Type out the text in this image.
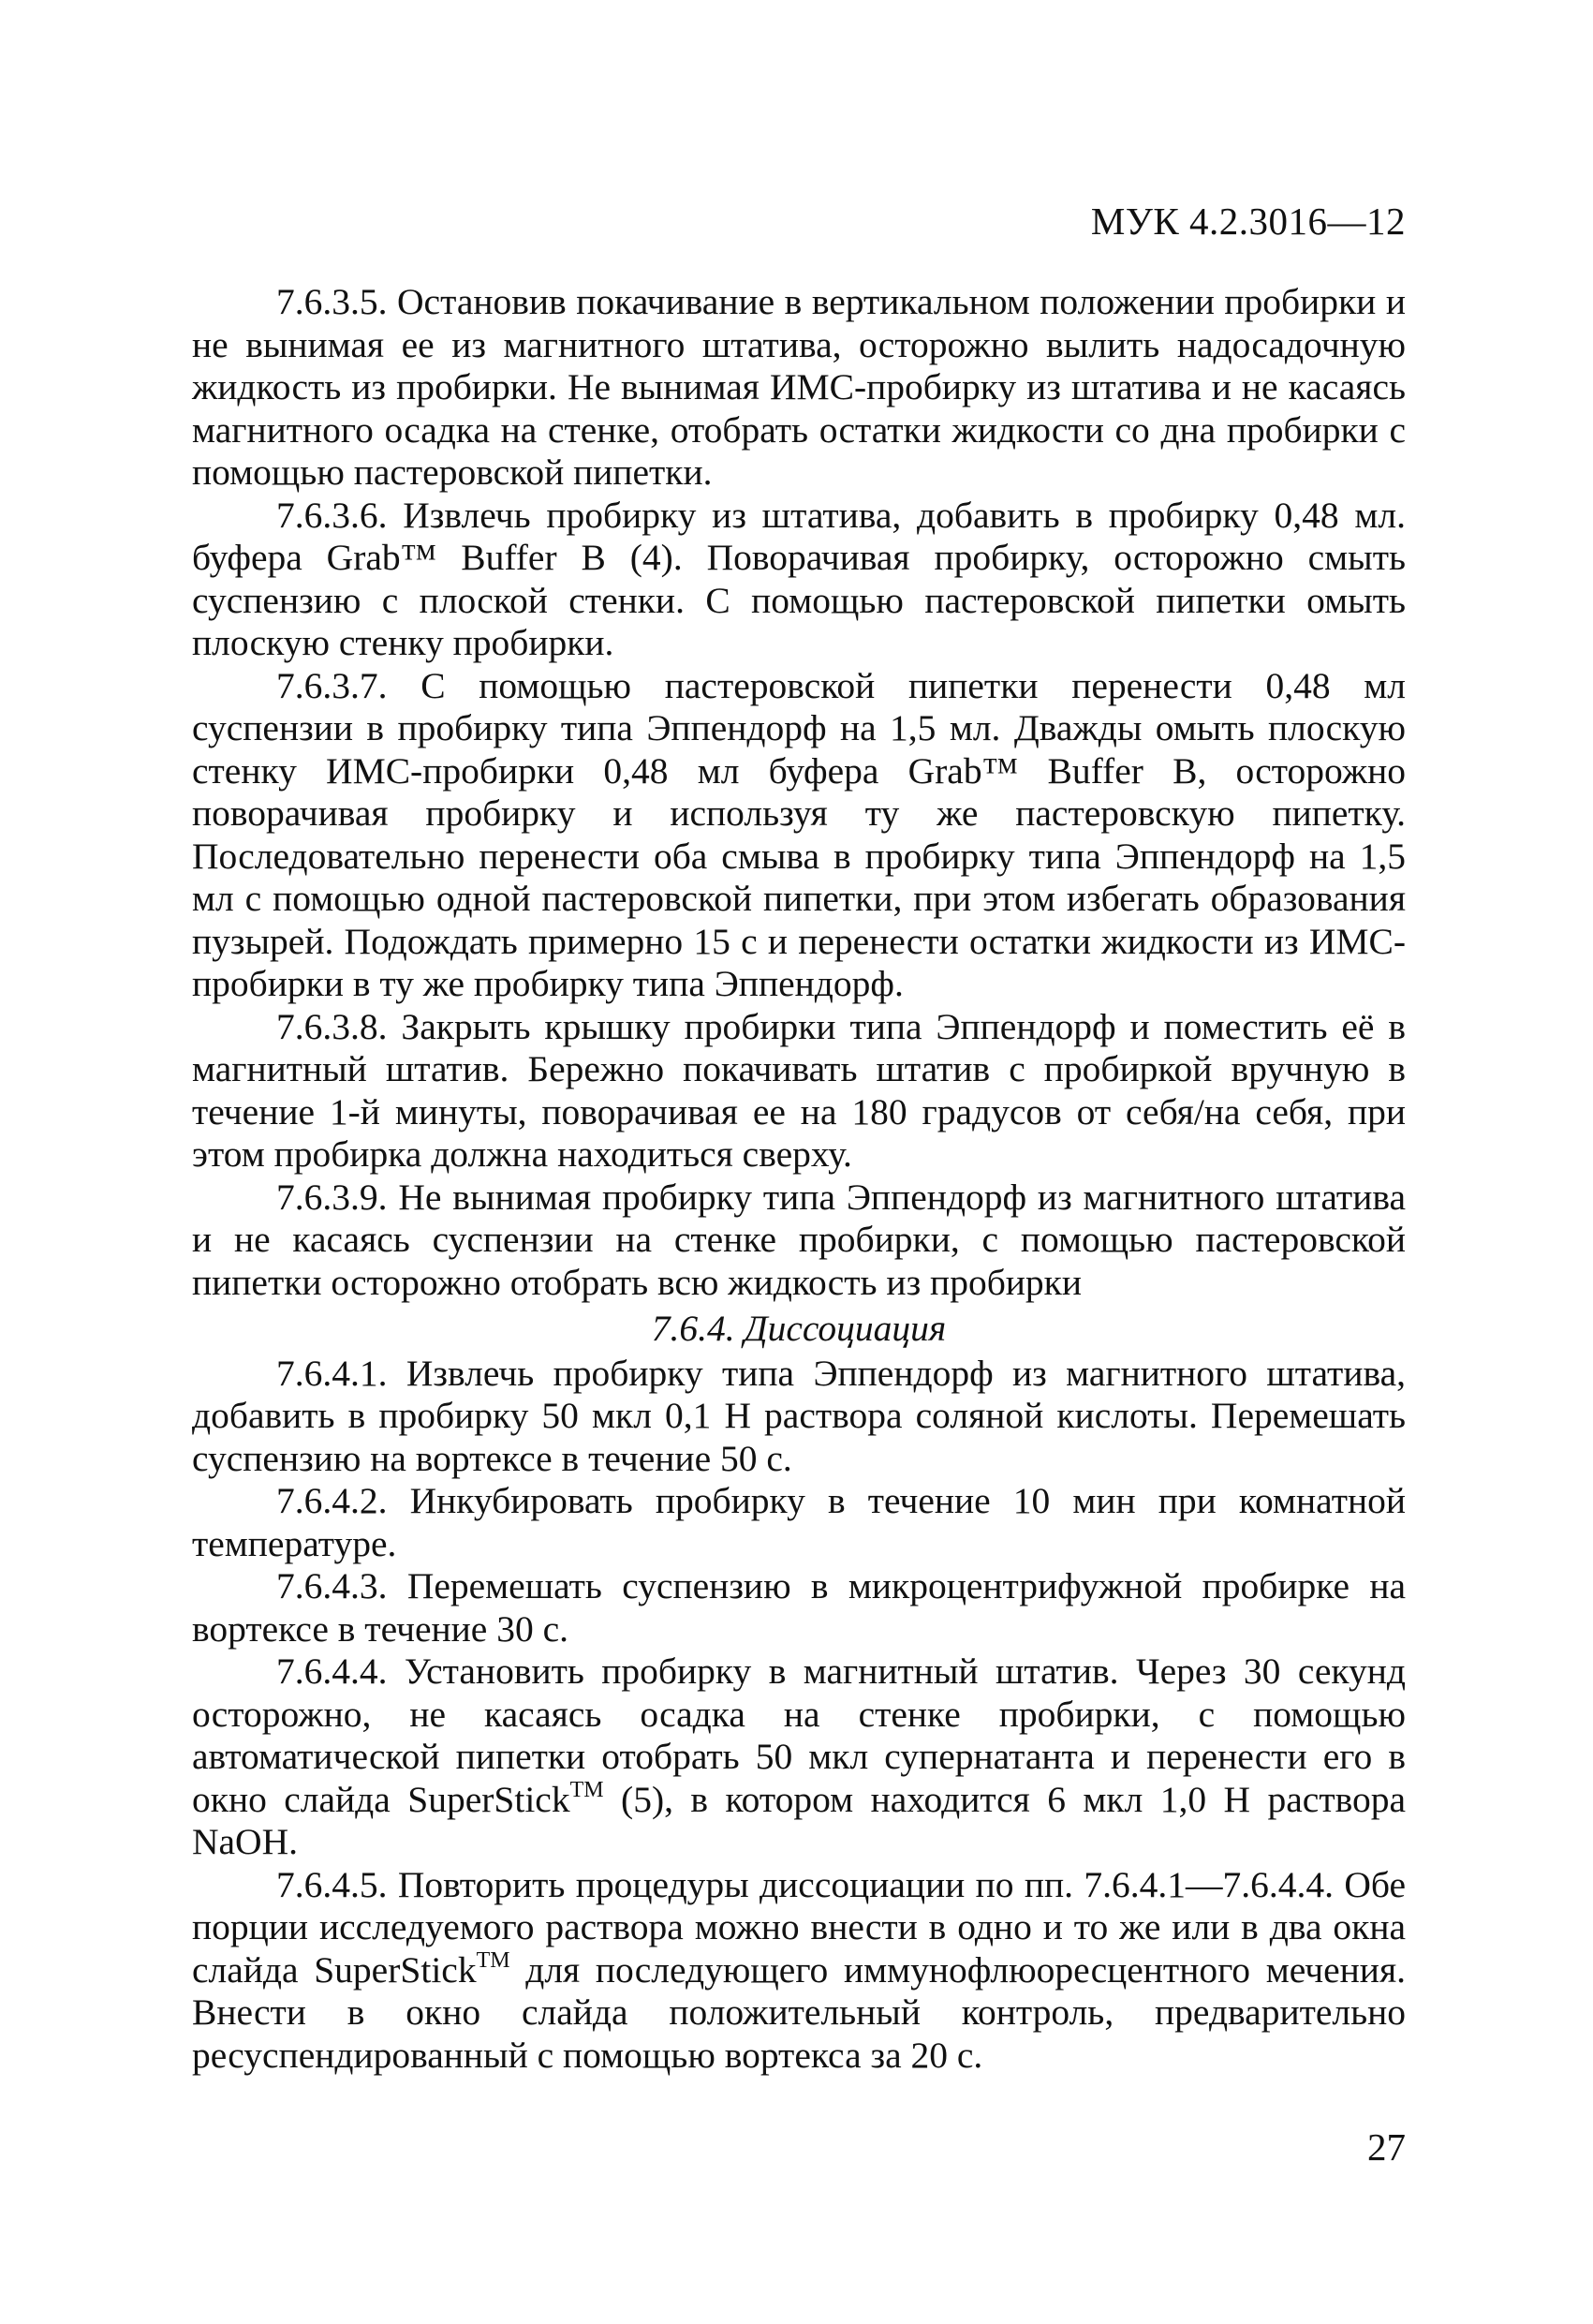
МУК 4.2.3016—12

7.6.3.5. Остановив покачивание в вертикальном положении пробирки и не вынимая ее из магнитного штатива, осторожно вылить надосадочную жидкость из пробирки. Не вынимая ИМС-пробирку из штатива и не касаясь магнитного осадка на стенке, отобрать остатки жидкости со дна пробирки с помощью пастеровской пипетки.

7.6.3.6. Извлечь пробирку из штатива, добавить в пробирку 0,48 мл. буфера Grab™ Buffer B (4). Поворачивая пробирку, осторожно смыть суспензию с плоской стенки. С помощью пастеровской пипетки омыть плоскую стенку пробирки.

7.6.3.7. С помощью пастеровской пипетки перенести 0,48 мл суспензии в пробирку типа Эппендорф на 1,5 мл. Дважды омыть плоскую стенку ИМС-пробирки 0,48 мл буфера Grab™ Buffer B, осторожно поворачивая пробирку и используя ту же пастеровскую пипетку. Последовательно перенести оба смыва в пробирку типа Эппендорф на 1,5 мл с помощью одной пастеровской пипетки, при этом избегать образования пузырей. Подождать примерно 15 с и перенести остатки жидкости из ИМС-пробирки в ту же пробирку типа Эппендорф.

7.6.3.8. Закрыть крышку пробирки типа Эппендорф и поместить её в магнитный штатив. Бережно покачивать штатив с пробиркой вручную в течение 1-й минуты, поворачивая ее на 180 градусов от себя/на себя, при этом пробирка должна находиться сверху.

7.6.3.9. Не вынимая пробирку типа Эппендорф из магнитного штатива и не касаясь суспензии на стенке пробирки, с помощью пастеровской пипетки осторожно отобрать всю жидкость из пробирки

7.6.4. Диссоциация

7.6.4.1. Извлечь пробирку типа Эппендорф из магнитного штатива, добавить в пробирку 50 мкл 0,1 Н раствора соляной кислоты. Перемешать суспензию на вортексе в течение 50 с.

7.6.4.2. Инкубировать пробирку в течение 10 мин при комнатной температуре.

7.6.4.3. Перемешать суспензию в микроцентрифужной пробирке на вортексе в течение 30 с.

7.6.4.4. Установить пробирку в магнитный штатив. Через 30 секунд осторожно, не касаясь осадка на стенке пробирки, с помощью автоматической пипетки отобрать 50 мкл супернатанта и перенести его в окно слайда SuperStick™ (5), в котором находится 6 мкл 1,0 Н раствора NaOH.

7.6.4.5. Повторить процедуры диссоциации по пп. 7.6.4.1—7.6.4.4. Обе порции исследуемого раствора можно внести в одно и то же или в два окна слайда SuperStick™ для последующего иммунофлюоресцентного мечения. Внести в окно слайда положительный контроль, предварительно ресуспендированный с помощью вортекса за 20 с.

27
